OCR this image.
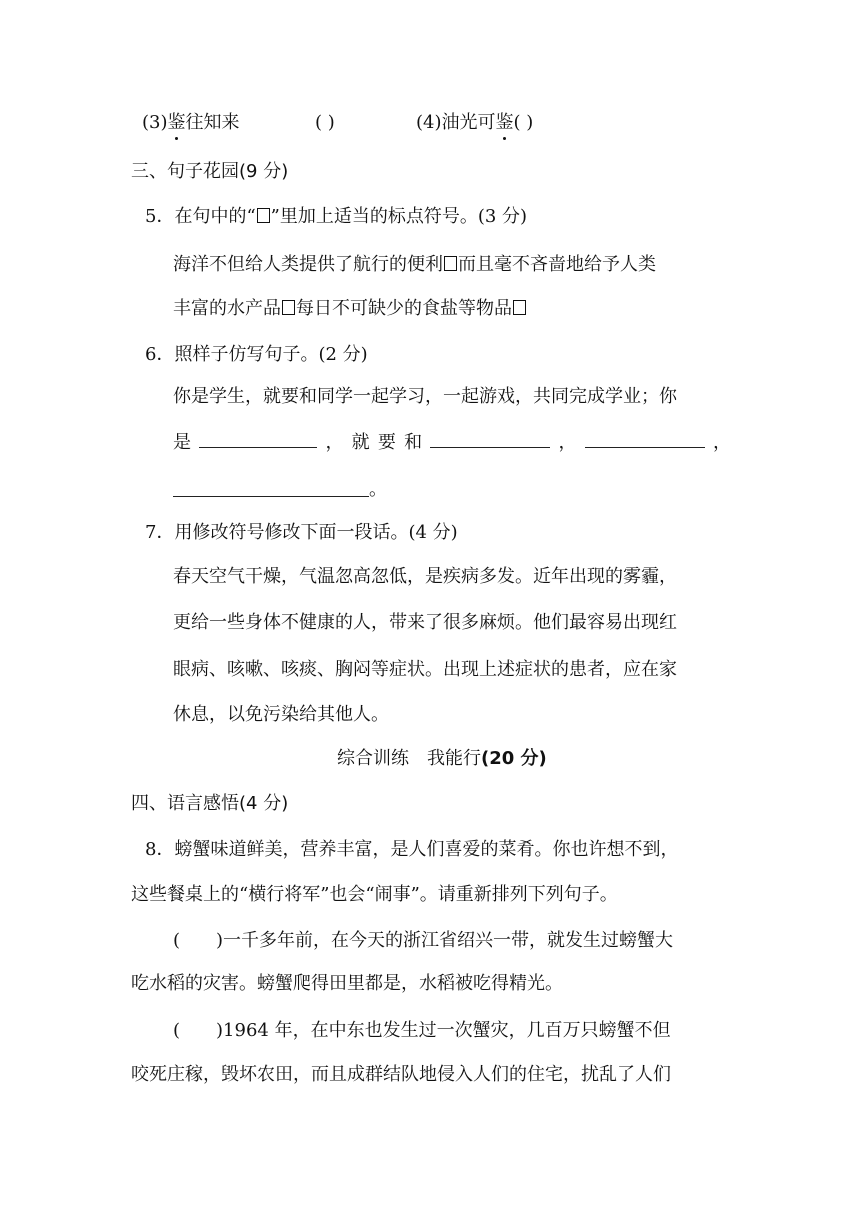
(3)鉴往知来	( )	(4)油光可鉴( )
三、句子花园(9 分)
5．在句中的“ ”里加上适当的标点符号。(3 分)
海洋不但给人类提供了航行的便利 而且毫不吝啬地给予人类
丰富的水产品 每日不可缺少的食盐等物品
6．照样子仿写句子。(2 分)
你是学生，就要和同学一起学习，一起游戏，共同完成学业；你
是	， 就 要 和	，	，
。
7．用修改符号修改下面一段话。(4 分)
春天空气干燥，气温忽高忽低，是疾病多发。近年出现的雾霾，
更给一些身体不健康的人，带来了很多麻烦。他们最容易出现红
眼病、咳嗽、咳痰、胸闷等症状。出现上述症状的患者，应在家
休息，以免污染给其他人。
综合训练　我能行(20 分)
四、语言感悟(4 分)
8．螃蟹味道鲜美，营养丰富，是人们喜爱的菜肴。你也许想不到，
这些餐桌上的“横行将军”也会“闹事”。请重新排列下列句子。
(　　)一千多年前，在今天的浙江省绍兴一带，就发生过螃蟹大
吃水稻的灾害。螃蟹爬得田里都是，水稻被吃得精光。
(　　)1964 年，在中东也发生过一次蟹灾，几百万只螃蟹不但
咬死庄稼，毁坏农田，而且成群结队地侵入人们的住宅，扰乱了人们
